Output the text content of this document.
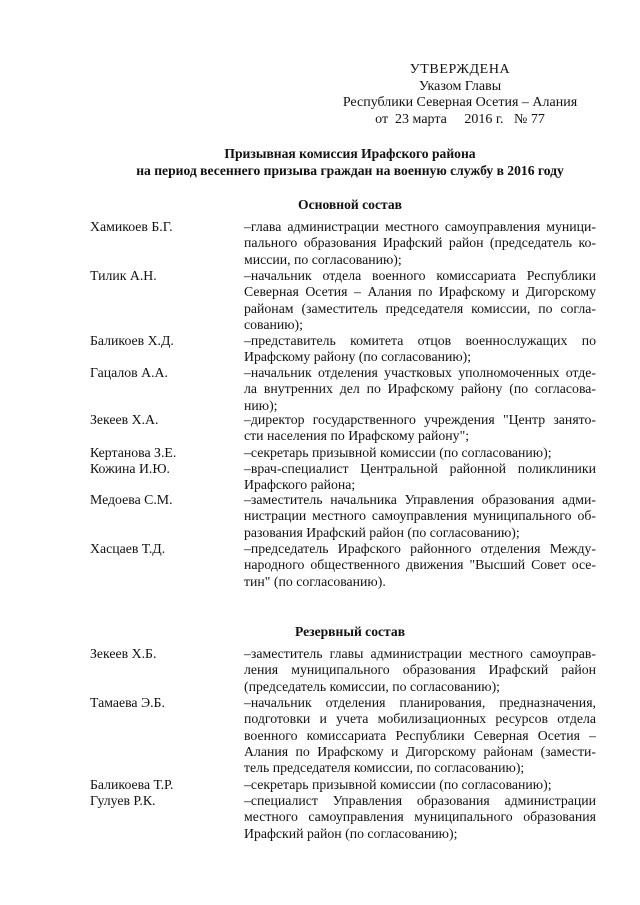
УТВЕРЖДЕНА
Указом Главы
Республики Северная Осетия – Алания
от  23 марта     2016 г.   № 77
Призывная комиссия Ирафского района
на период весеннего призыва граждан на военную службу в 2016 году
Основной состав
Хамикоев Б.Г.	–глава администрации местного самоуправления муници-пального образования Ирафский район (председатель ко-миссии, по согласованию);
Тилик А.Н.	–начальник отдела военного комиссариата Республики Северная Осетия – Алания по Ирафскому и Дигорскому районам (заместитель председателя комиссии, по согла-сованию);
Баликоев Х.Д.	–представитель комитета отцов военнослужащих по Ирафскому району (по согласованию);
Гацалов А.А.	–начальник отделения участковых уполномоченных отде-ла внутренних дел по Ирафскому району (по согласова-нию);
Зекеев Х.А.	–директор государственного учреждения "Центр занято-сти населения по Ирафскому району";
Кертанова З.Е.	–секретарь призывной комиссии (по согласованию);
Кожина И.Ю.	–врач-специалист Центральной районной поликлиники Ирафского района;
Медоева С.М.	–заместитель начальника Управления образования адми-нистрации местного самоуправления муниципального об-разования Ирафский район (по согласованию);
Хасцаев Т.Д.	–председатель Ирафского районного отделения Между-народного общественного движения "Высший Совет осе-тин" (по согласованию).
Резервный состав
Зекеев Х.Б.	–заместитель главы администрации местного самоуправ-ления муниципального образования Ирафский район (председатель комиссии, по согласованию);
Тамаева Э.Б.	–начальник отделения планирования, предназначения, подготовки и учета мобилизационных ресурсов отдела военного комиссариата Республики Северная Осетия – Алания по Ирафскому и Дигорскому районам (замести-тель председателя комиссии, по согласованию);
Баликоева Т.Р.	–секретарь призывной комиссии (по согласованию);
Гулуев Р.К.	–специалист Управления образования администрации местного самоуправления муниципального образования Ирафский район (по согласованию);
